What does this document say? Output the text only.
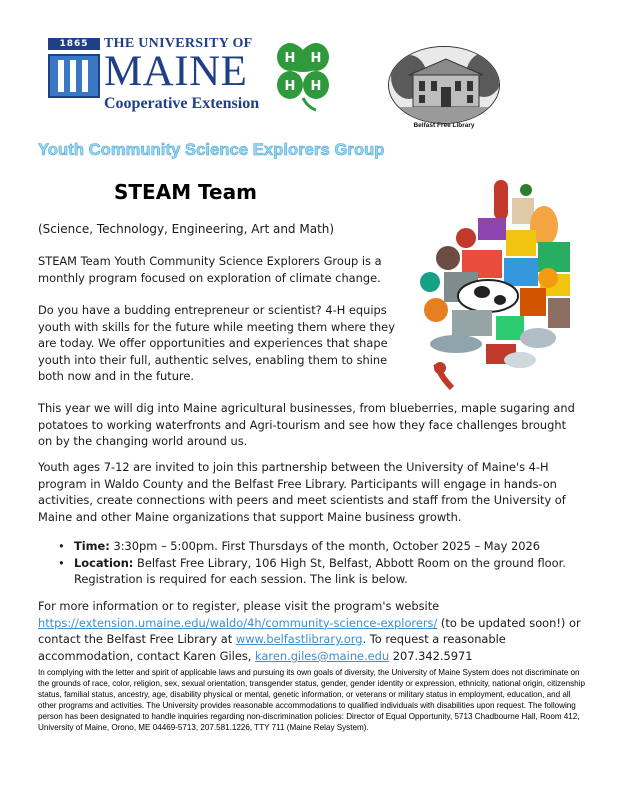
1865	THE UNIVERSITY OF
MAINE
Cooperative Extension
H H
H H
Belfast Free Library
Youth Community Science Explorers Group
STEAM Team
(Science, Technology, Engineering, Art and Math)
STEAM Team Youth Community Science Explorers Group is a monthly program focused on exploration of climate change.
Do you have a budding entrepreneur or scientist? 4-H equips youth with skills for the future while meeting them where they are today. We offer opportunities and experiences that shape youth into their full, authentic selves, enabling them to shine both now and in the future.
This year we will dig into Maine agricultural businesses, from blueberries, maple sugaring and potatoes to working waterfronts and Agri-tourism and see how they face challenges brought on by the changing world around us.
Youth ages 7-12 are invited to join this partnership between the University of Maine's 4-H program in Waldo County and the Belfast Free Library. Participants will engage in hands-on activities, create connections with peers and meet scientists and staff from the University of Maine and other Maine organizations that support Maine business growth.
• Time: 3:30pm – 5:00pm. First Thursdays of the month, October 2025 – May 2026
• Location: Belfast Free Library, 106 High St, Belfast, Abbott Room on the ground floor. Registration is required for each session. The link is below.
For more information or to register, please visit the program's website
https://extension.umaine.edu/waldo/4h/community-science-explorers/ (to be updated soon!) or contact the Belfast Free Library at www.belfastlibrary.org. To request a reasonable accommodation, contact Karen Giles, karen.giles@maine.edu 207.342.5971
In complying with the letter and spirit of applicable laws and pursuing its own goals of diversity, the University of Maine System does not discriminate on the grounds of race, color, religion, sex, sexual orientation, transgender status, gender, gender identity or expression, ethnicity, national origin, citizenship status, familial status, ancestry, age, disability physical or mental, genetic information, or veterans or military status in employment, education, and all other programs and activities. The University provides reasonable accommodations to qualified individuals with disabilities upon request. The following person has been designated to handle inquiries regarding non-discrimination policies: Director of Equal Opportunity, 5713 Chadbourne Hall, Room 412, University of Maine, Orono, ME 04469-5713, 207.581.1226, TTY 711 (Maine Relay System).
